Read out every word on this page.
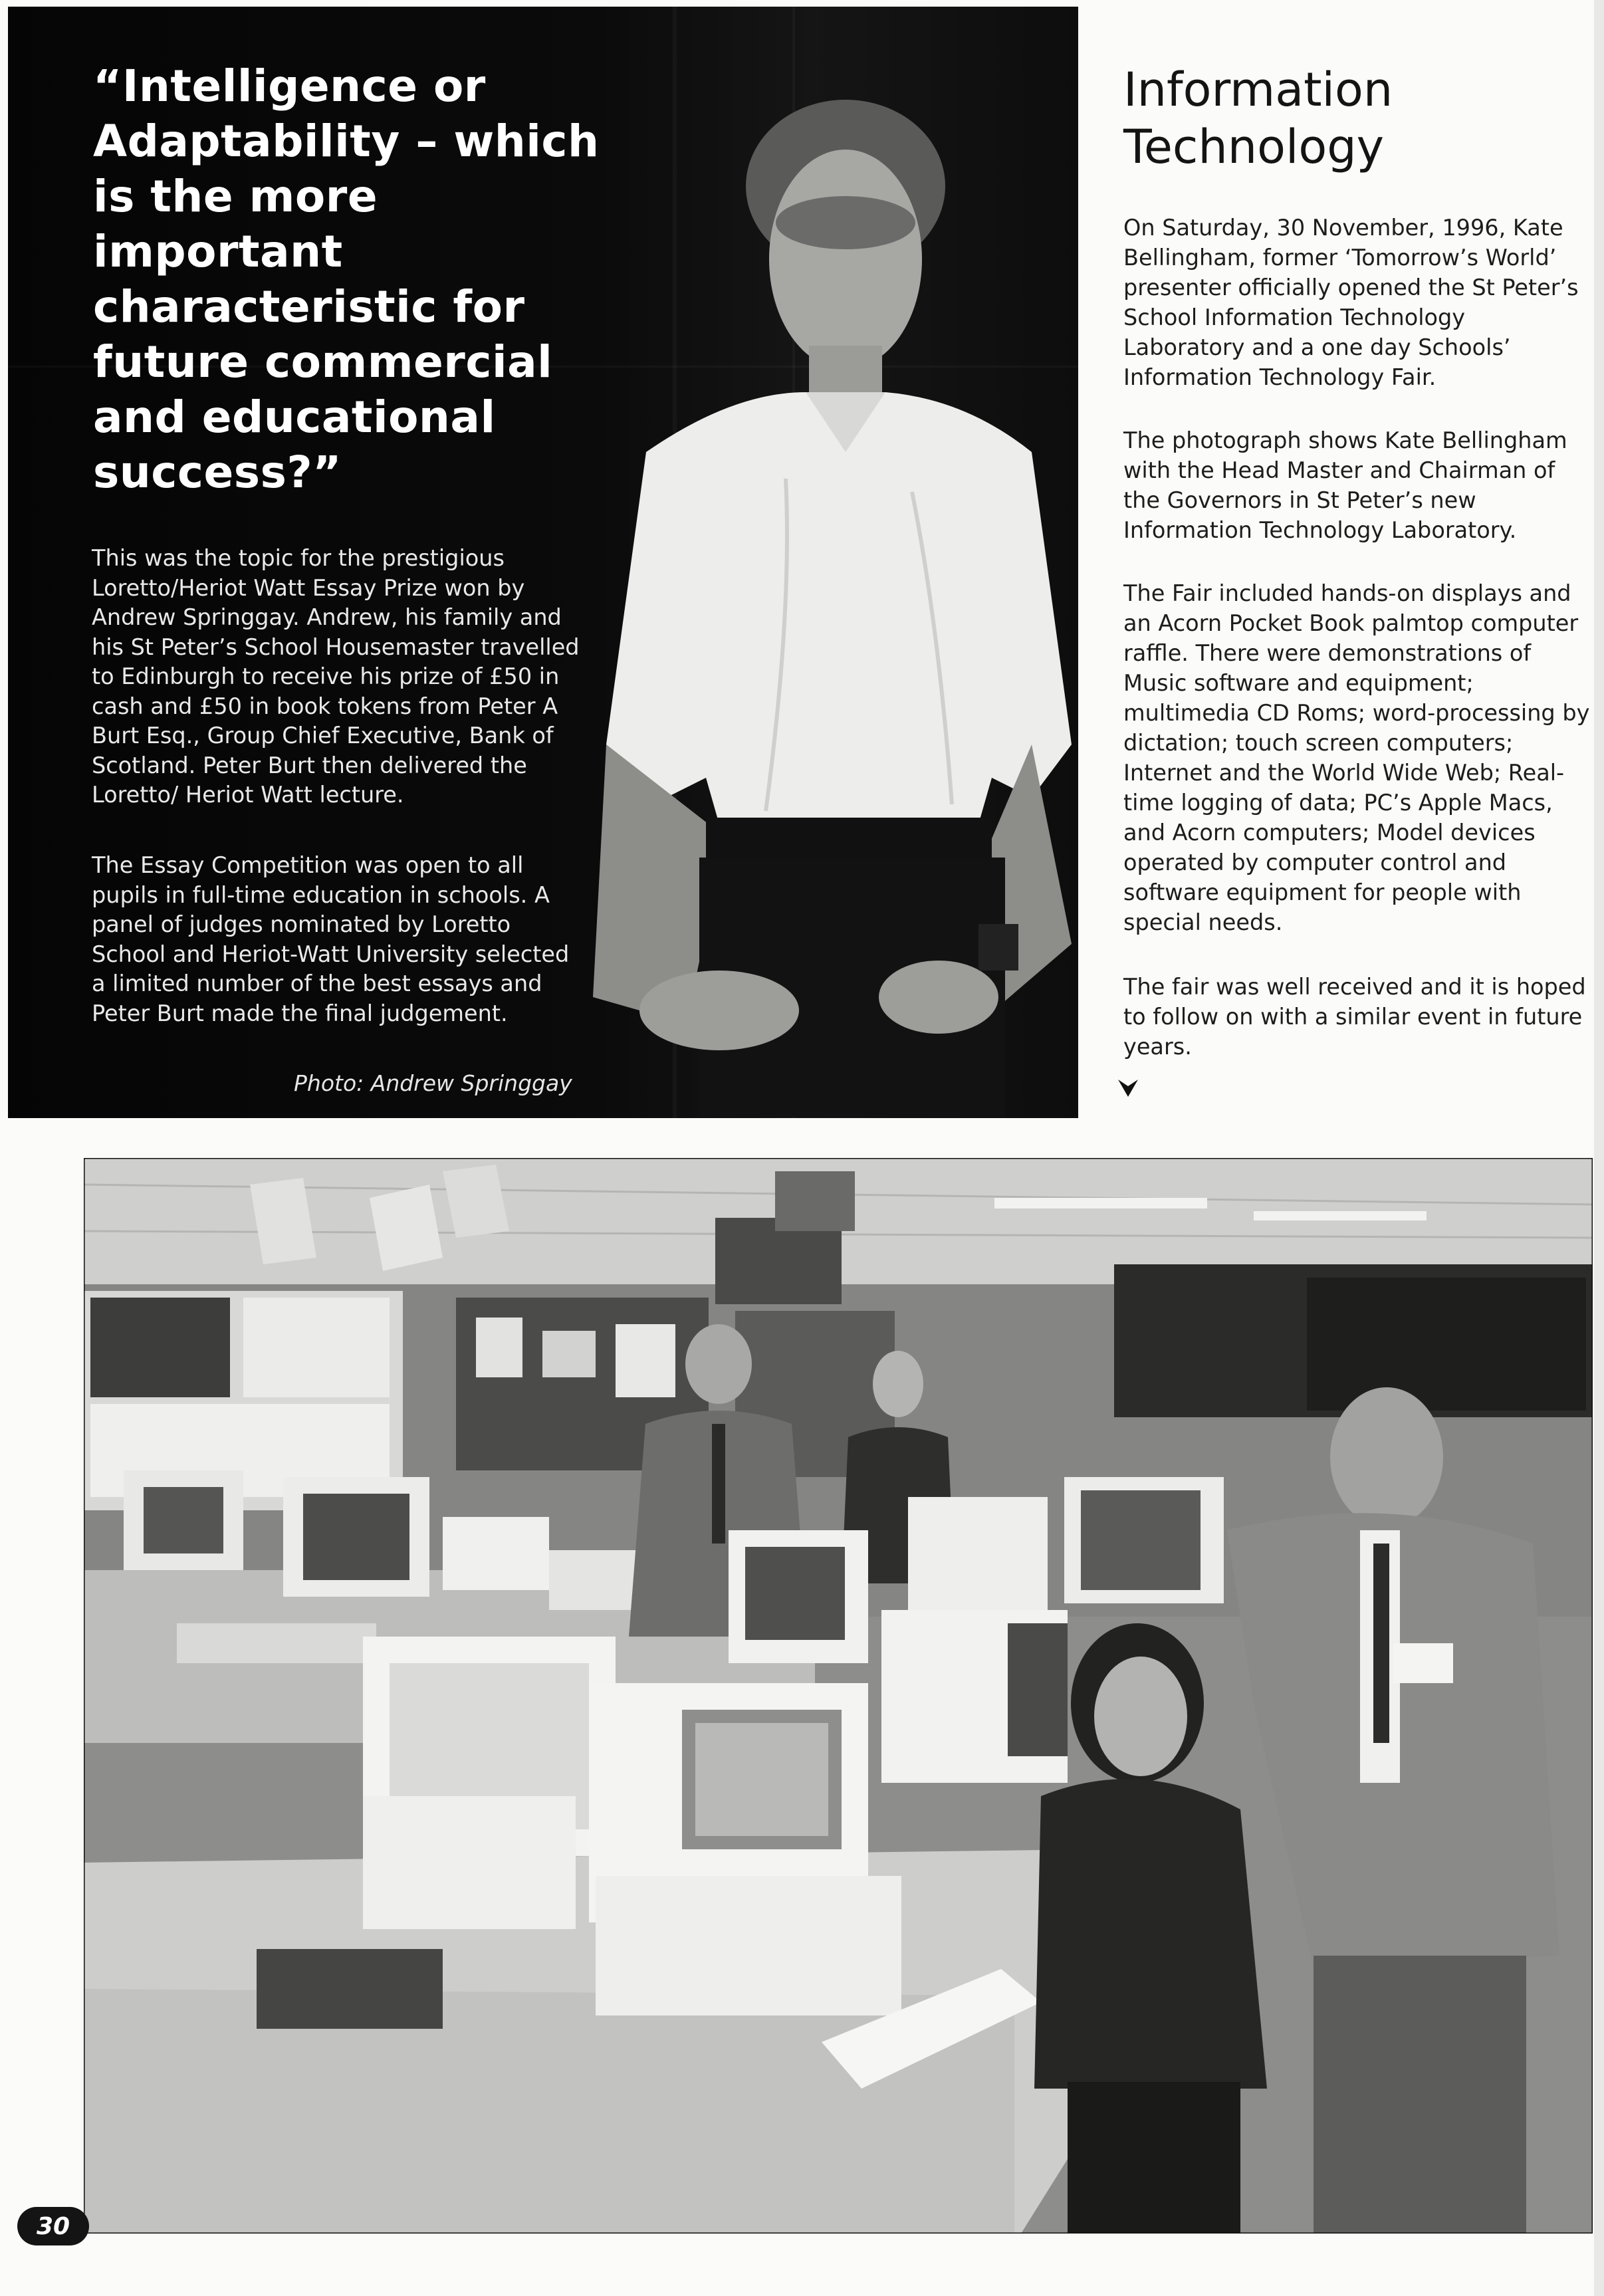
“Intelligence or Adaptability – which is the more important characteristic for future commercial and educational success?”

This was the topic for the prestigious Loretto/Heriot Watt Essay Prize won by Andrew Springgay. Andrew, his family and his St Peter’s School Housemaster travelled to Edinburgh to receive his prize of £50 in cash and £50 in book tokens from Peter A Burt Esq., Group Chief Executive, Bank of Scotland. Peter Burt then delivered the Loretto/ Heriot Watt lecture.

The Essay Competition was open to all pupils in full-time education in schools. A panel of judges nominated by Loretto School and Heriot-Watt University selected a limited number of the best essays and Peter Burt made the final judgement.

Photo: Andrew Springgay

Information Technology

On Saturday, 30 November, 1996, Kate Bellingham, former ‘Tomorrow’s World’ presenter officially opened the St Peter’s School Information Technology Laboratory and a one day Schools’ Information Technology Fair.

The photograph shows Kate Bellingham with the Head Master and Chairman of the Governors in St Peter’s new Information Technology Laboratory.

The Fair included hands-on displays and an Acorn Pocket Book palmtop computer raffle. There were demonstrations of Music software and equipment; multimedia CD Roms; word-processing by dictation; touch screen computers; Internet and the World Wide Web; Real-time logging of data; PC’s Apple Macs, and Acorn computers; Model devices operated by computer control and software equipment for people with special needs.

The fair was well received and it is hoped to follow on with a similar event in future years.

30
